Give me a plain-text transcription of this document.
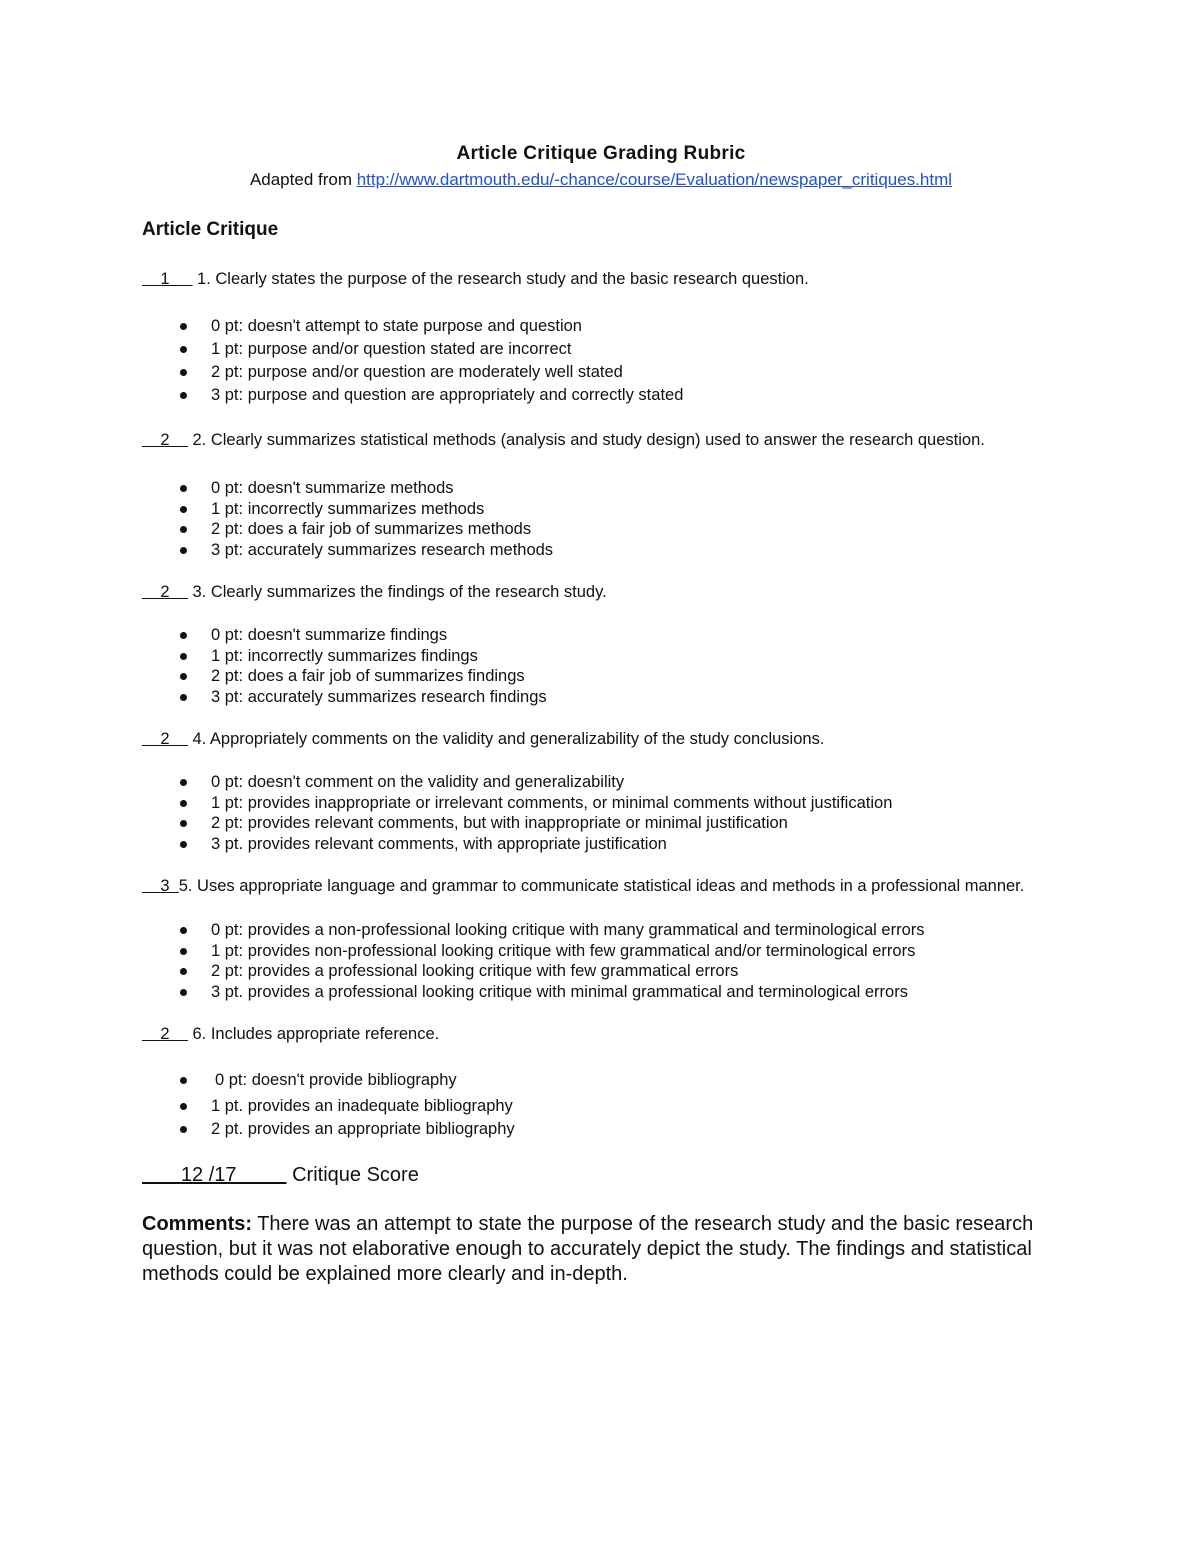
Article Critique Grading Rubric

Adapted from http://www.dartmouth.edu/-chance/course/Evaluation/newspaper_critiques.html

Article Critique

1 1. Clearly states the purpose of the research study and the basic research question.

0 pt: doesn't attempt to state purpose and question
1 pt: purpose and/or question stated are incorrect
2 pt: purpose and/or question are moderately well stated
3 pt: purpose and question are appropriately and correctly stated

2 2. Clearly summarizes statistical methods (analysis and study design) used to answer the research question.

0 pt: doesn't summarize methods
1 pt: incorrectly summarizes methods
2 pt: does a fair job of summarizes methods
3 pt: accurately summarizes research methods

2 3. Clearly summarizes the findings of the research study.

0 pt: doesn't summarize findings
1 pt: incorrectly summarizes findings
2 pt: does a fair job of summarizes findings
3 pt: accurately summarizes research findings

2 4. Appropriately comments on the validity and generalizability of the study conclusions.

0 pt: doesn't comment on the validity and generalizability
1 pt: provides inappropriate or irrelevant comments, or minimal comments without justification
2 pt: provides relevant comments, but with inappropriate or minimal justification
3 pt. provides relevant comments, with appropriate justification

3 5. Uses appropriate language and grammar to communicate statistical ideas and methods in a professional manner.

0 pt: provides a non-professional looking critique with many grammatical and terminological errors
1 pt: provides non-professional looking critique with few grammatical and/or terminological errors
2 pt: provides a professional looking critique with few grammatical errors
3 pt. provides a professional looking critique with minimal grammatical and terminological errors

2 6. Includes appropriate reference.

0 pt: doesn't provide bibliography
1 pt. provides an inadequate bibliography
2 pt. provides an appropriate bibliography

12 /17	Critique Score

Comments: There was an attempt to state the purpose of the research study and the basic research question, but it was not elaborative enough to accurately depict the study. The findings and statistical methods could be explained more clearly and in-depth.
